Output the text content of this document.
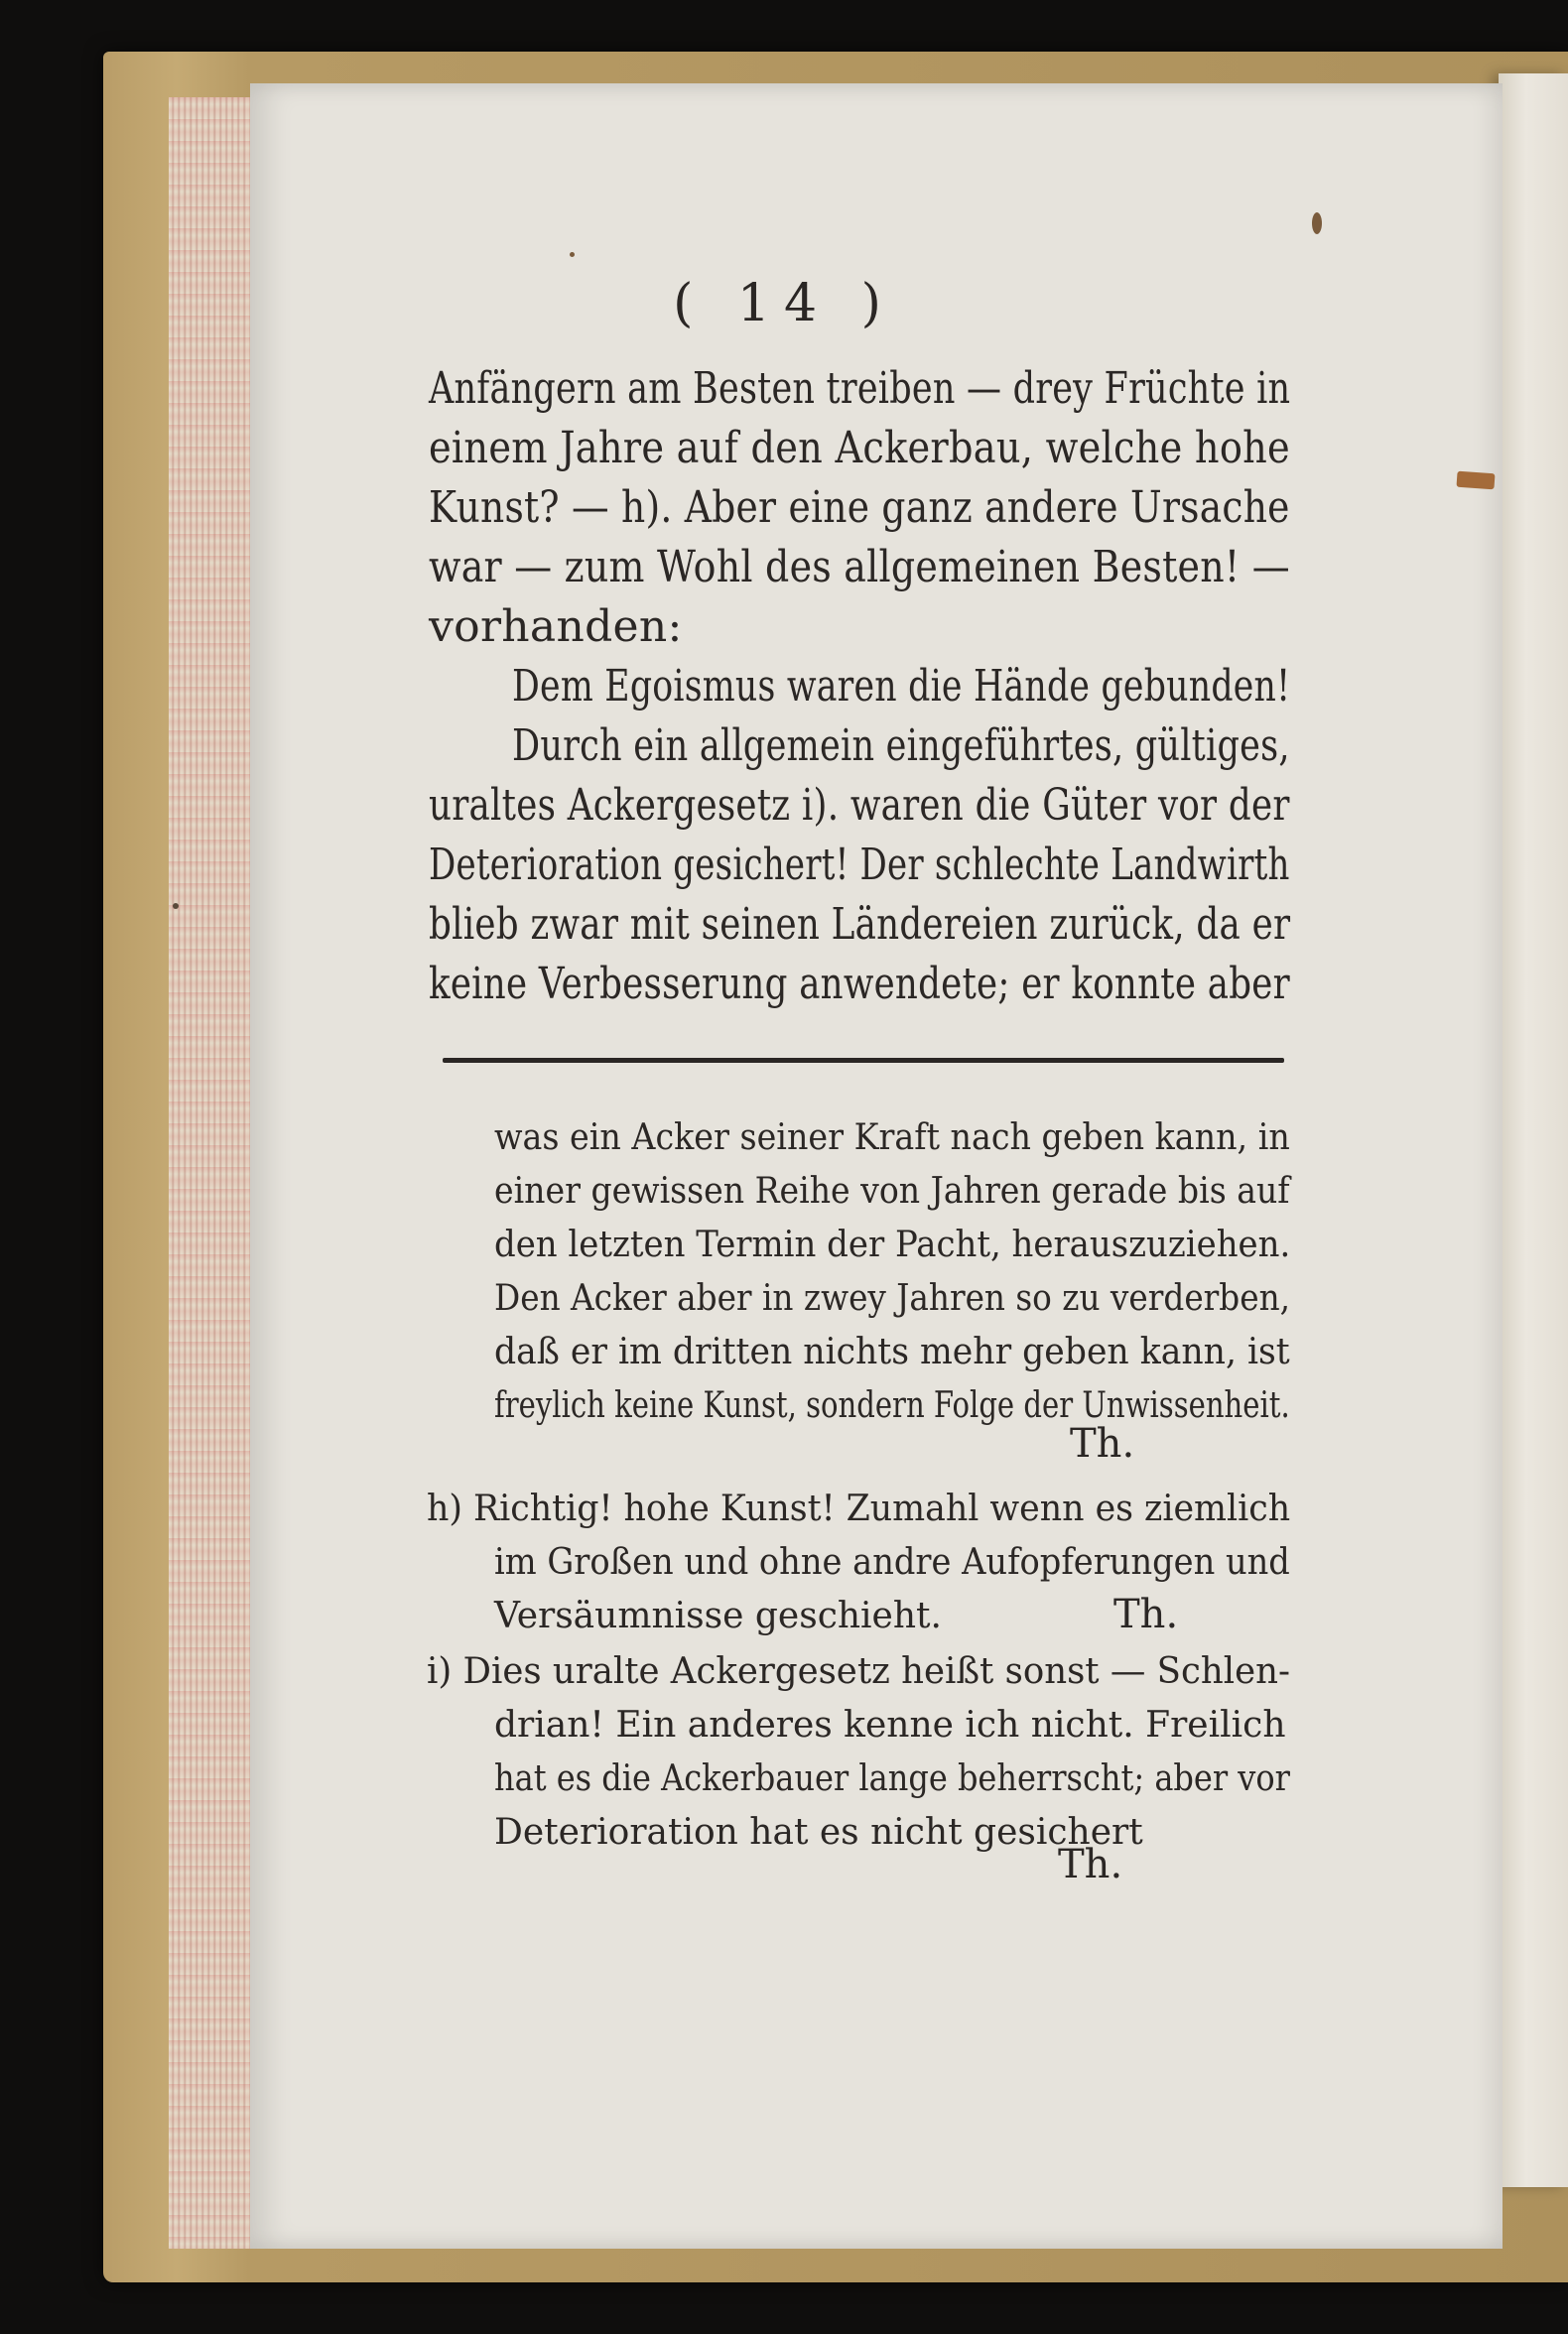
( 14 )
Anfängern am Besten treiben — drey Früchte in
einem Jahre auf den Ackerbau, welche hohe
Kunst? — h). Aber eine ganz andere Ursache
war — zum Wohl des allgemeinen Besten! —
vorhanden:
Dem Egoismus waren die Hände gebunden!
Durch ein allgemein eingeführtes, gültiges,
uraltes Ackergesetz i). waren die Güter vor der
Deterioration gesichert! Der schlechte Landwirth
blieb zwar mit seinen Ländereien zurück, da er
keine Verbesserung anwendete; er konnte aber
was ein Acker seiner Kraft nach geben kann, in
einer gewissen Reihe von Jahren gerade bis auf
den letzten Termin der Pacht, herauszuziehen.
Den Acker aber in zwey Jahren so zu verderben,
daß er im dritten nichts mehr geben kann, ist
freylich keine Kunst, sondern Folge der Unwissenheit.
Th.
h) Richtig! hohe Kunst! Zumahl wenn es ziemlich
im Großen und ohne andre Aufopferungen und
Versäumnisse geschieht.	Th.
i) Dies uralte Ackergesetz heißt sonst — Schlen-
drian! Ein anderes kenne ich nicht. Freilich
hat es die Ackerbauer lange beherrscht; aber vor
Deterioration hat es nicht gesichert
Th.
